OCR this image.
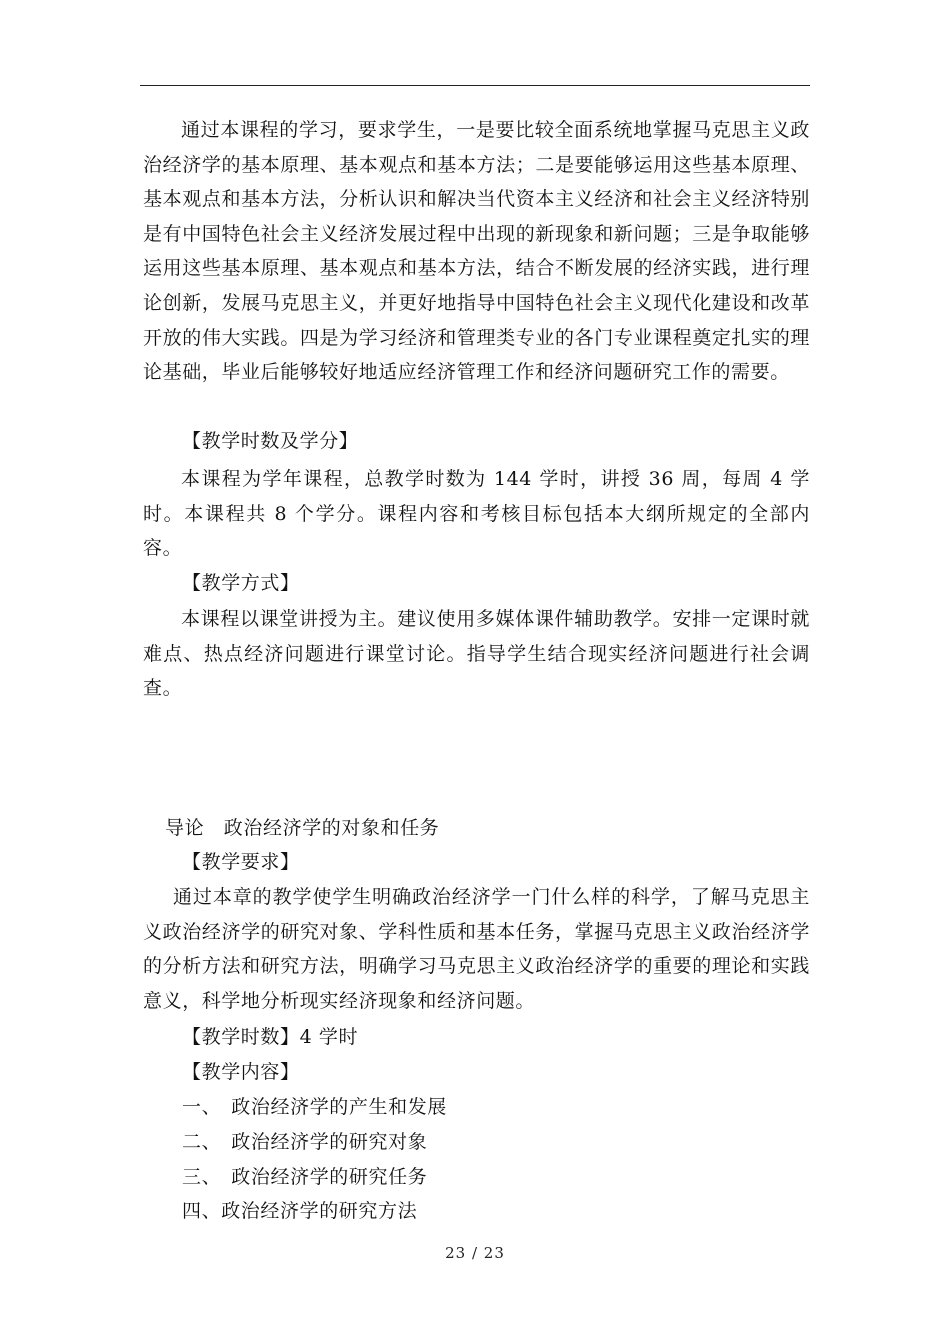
通过本课程的学习，要求学生，一是要比较全面系统地掌握马克思主义政治经济学的基本原理、基本观点和基本方法；二是要能够运用这些基本原理、基本观点和基本方法，分析认识和解决当代资本主义经济和社会主义经济特别是有中国特色社会主义经济发展过程中出现的新现象和新问题；三是争取能够运用这些基本原理、基本观点和基本方法，结合不断发展的经济实践，进行理论创新，发展马克思主义，并更好地指导中国特色社会主义现代化建设和改革开放的伟大实践。四是为学习经济和管理类专业的各门专业课程奠定扎实的理论基础，毕业后能够较好地适应经济管理工作和经济问题研究工作的需要。

【教学时数及学分】

本课程为学年课程，总教学时数为 144 学时，讲授 36 周，每周 4 学时。本课程共 8 个学分。课程内容和考核目标包括本大纲所规定的全部内容。

【教学方式】

本课程以课堂讲授为主。建议使用多媒体课件辅助教学。安排一定课时就难点、热点经济问题进行课堂讨论。指导学生结合现实经济问题进行社会调查。

导论　政治经济学的对象和任务

【教学要求】

通过本章的教学使学生明确政治经济学一门什么样的科学，了解马克思主义政治经济学的研究对象、学科性质和基本任务，掌握马克思主义政治经济学的分析方法和研究方法，明确学习马克思主义政治经济学的重要的理论和实践意义，科学地分析现实经济现象和经济问题。

【教学时数】4 学时

【教学内容】

一、　政治经济学的产生和发展

二、　政治经济学的研究对象

三、　政治经济学的研究任务

四、政治经济学的研究方法

23 / 23
